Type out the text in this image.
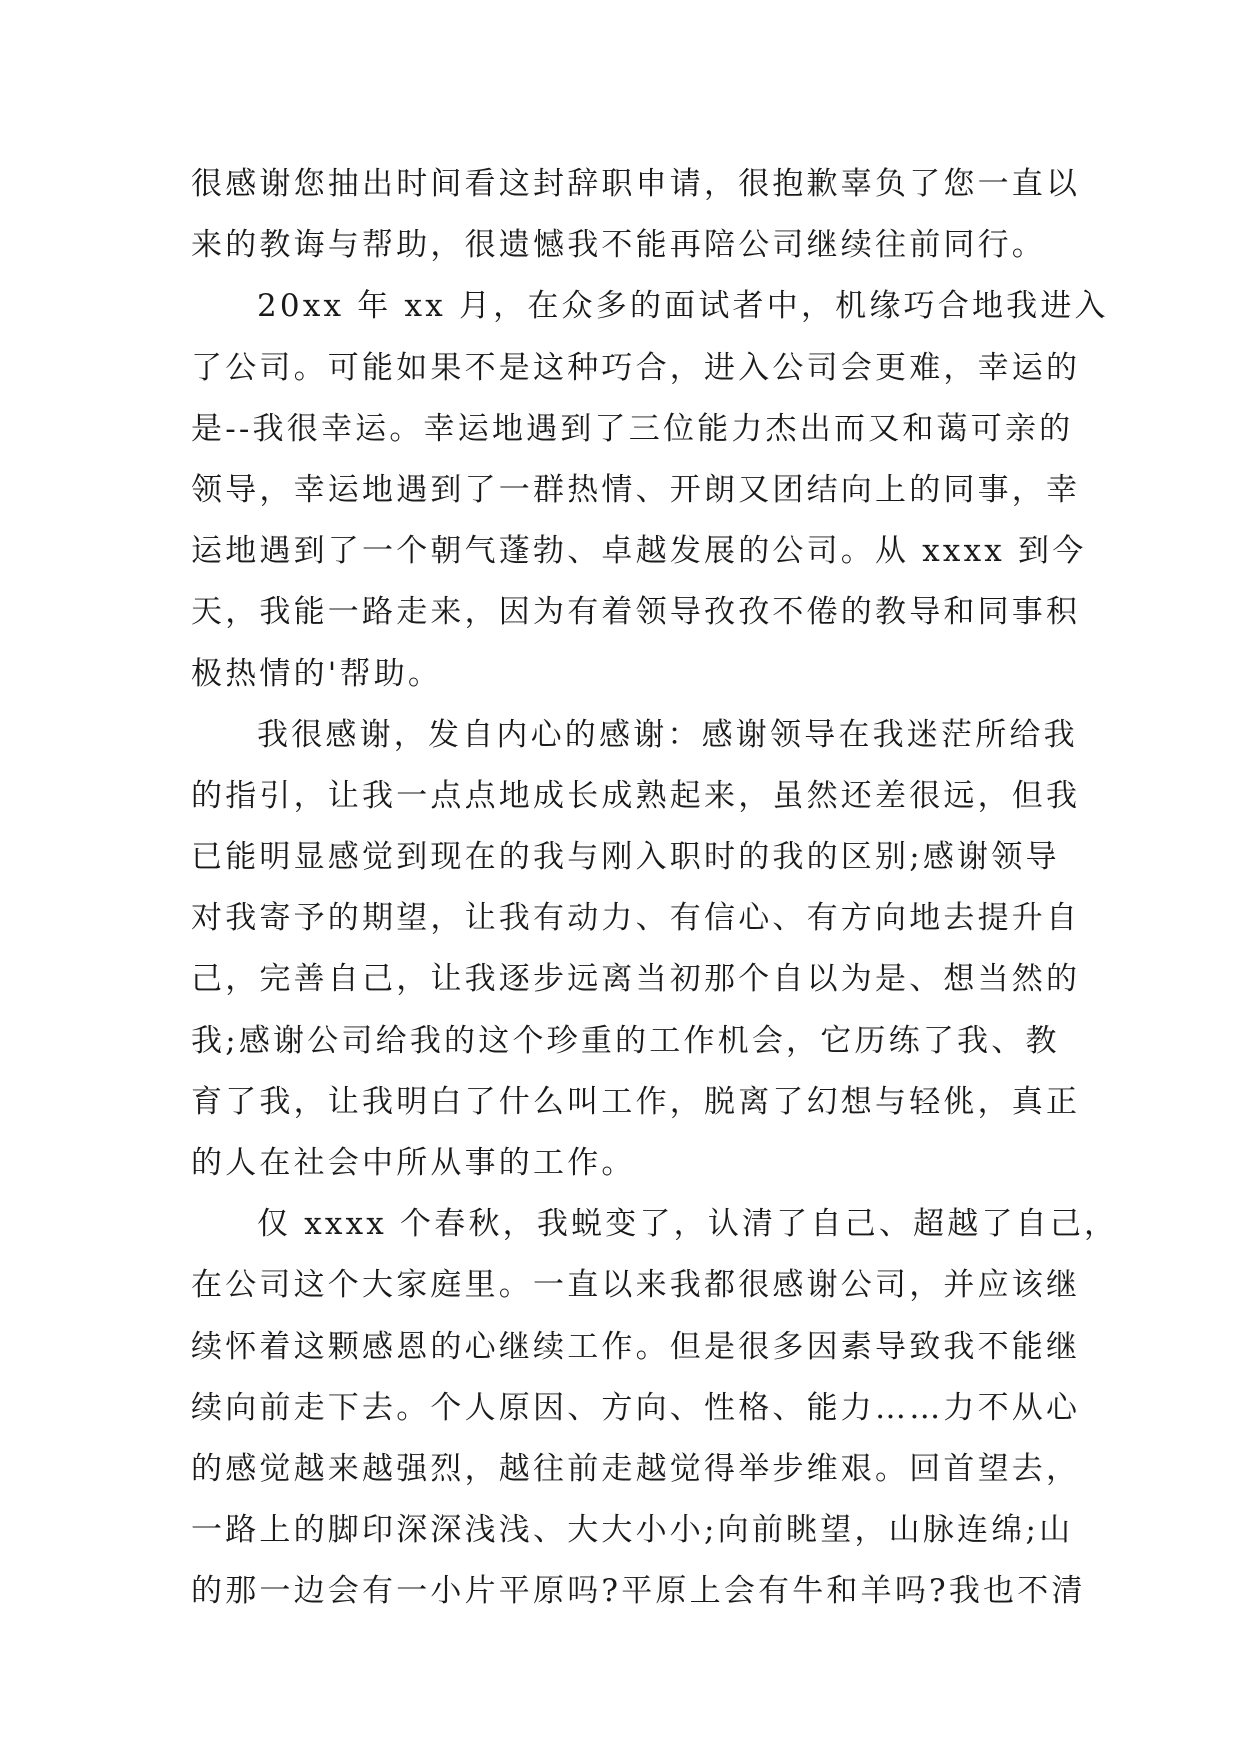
很感谢您抽出时间看这封辞职申请，很抱歉辜负了您一直以
来的教诲与帮助，很遗憾我不能再陪公司继续往前同行。
20xx 年 xx 月，在众多的面试者中，机缘巧合地我进入
了公司。可能如果不是这种巧合，进入公司会更难，幸运的
是--我很幸运。幸运地遇到了三位能力杰出而又和蔼可亲的
领导，幸运地遇到了一群热情、开朗又团结向上的同事，幸
运地遇到了一个朝气蓬勃、卓越发展的公司。从 xxxx 到今
天，我能一路走来，因为有着领导孜孜不倦的教导和同事积
极热情的'帮助。
我很感谢，发自内心的感谢：感谢领导在我迷茫所给我
的指引，让我一点点地成长成熟起来，虽然还差很远，但我
已能明显感觉到现在的我与刚入职时的我的区别;感谢领导
对我寄予的期望，让我有动力、有信心、有方向地去提升自
己，完善自己，让我逐步远离当初那个自以为是、想当然的
我;感谢公司给我的这个珍重的工作机会，它历练了我、教
育了我，让我明白了什么叫工作，脱离了幻想与轻佻，真正
的人在社会中所从事的工作。
仅 xxxx 个春秋，我蜕变了，认清了自己、超越了自己，
在公司这个大家庭里。一直以来我都很感谢公司，并应该继
续怀着这颗感恩的心继续工作。但是很多因素导致我不能继
续向前走下去。个人原因、方向、性格、能力……力不从心
的感觉越来越强烈，越往前走越觉得举步维艰。回首望去，
一路上的脚印深深浅浅、大大小小;向前眺望，山脉连绵;山
的那一边会有一小片平原吗?平原上会有牛和羊吗?我也不清
